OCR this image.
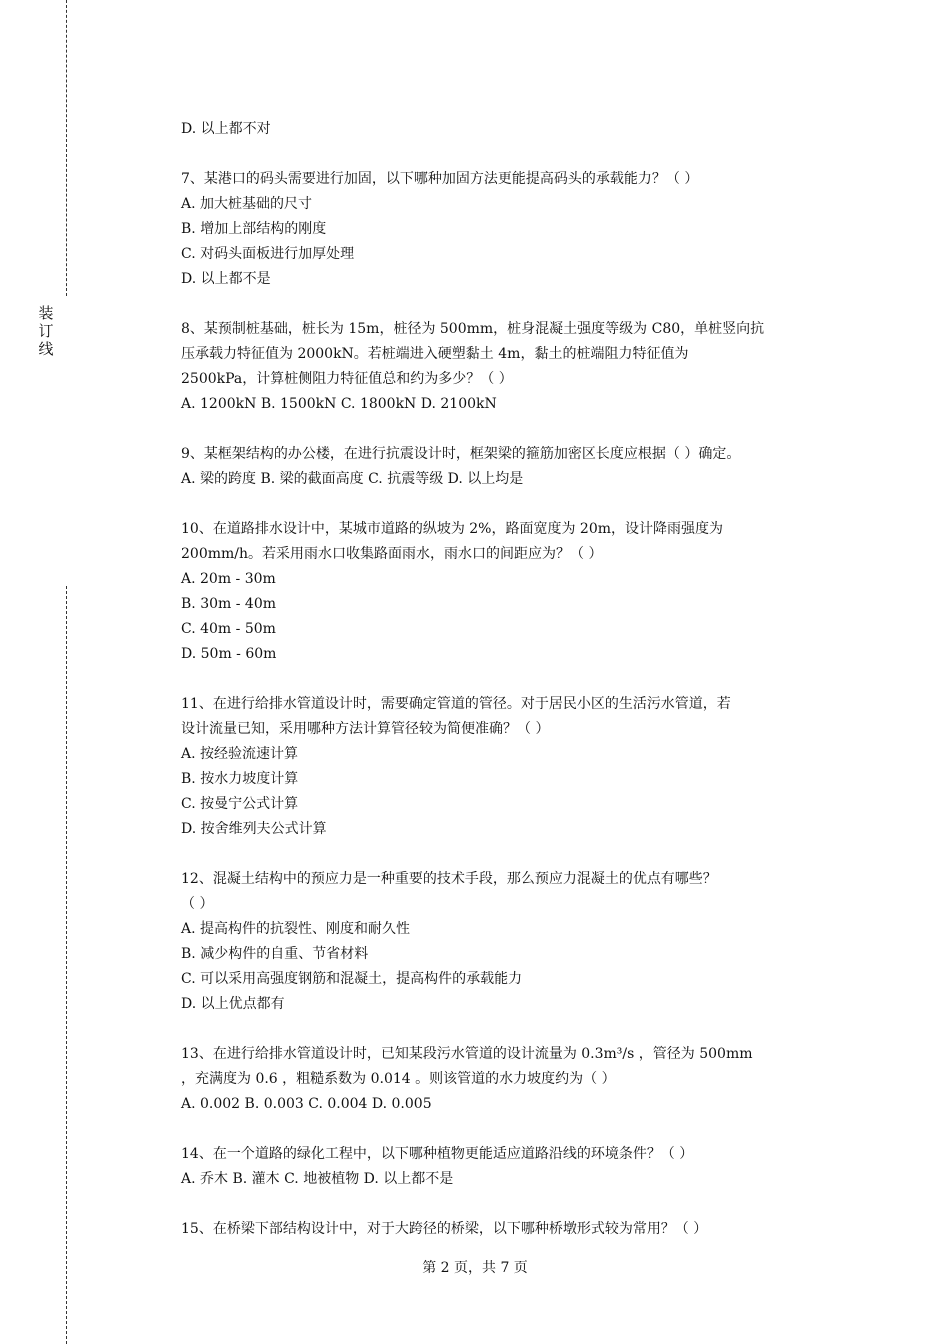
装订线
D. 以上都不对
7、某港口的码头需要进行加固，以下哪种加固方法更能提高码头的承载能力？（ ）
A. 加大桩基础的尺寸
B. 增加上部结构的刚度
C. 对码头面板进行加厚处理
D. 以上都不是
8、某预制桩基础，桩长为 15m，桩径为 500mm，桩身混凝土强度等级为 C80，单桩竖向抗
压承载力特征值为 2000kN。若桩端进入硬塑黏土 4m，黏土的桩端阻力特征值为
2500kPa，计算桩侧阻力特征值总和约为多少？（ ）
A. 1200kN B. 1500kN C. 1800kN D. 2100kN
9、某框架结构的办公楼，在进行抗震设计时，框架梁的箍筋加密区长度应根据（ ）确定。
A. 梁的跨度 B. 梁的截面高度 C. 抗震等级 D. 以上均是
10、在道路排水设计中，某城市道路的纵坡为 2%，路面宽度为 20m，设计降雨强度为
200mm/h。若采用雨水口收集路面雨水，雨水口的间距应为？（ ）
A. 20m - 30m
B. 30m - 40m
C. 40m - 50m
D. 50m - 60m
11、在进行给排水管道设计时，需要确定管道的管径。对于居民小区的生活污水管道，若
设计流量已知，采用哪种方法计算管径较为简便准确？（ ）
A. 按经验流速计算
B. 按水力坡度计算
C. 按曼宁公式计算
D. 按舍维列夫公式计算
12、混凝土结构中的预应力是一种重要的技术手段，那么预应力混凝土的优点有哪些？
（ ）
A. 提高构件的抗裂性、刚度和耐久性
B. 减少构件的自重、节省材料
C. 可以采用高强度钢筋和混凝土，提高构件的承载能力
D. 以上优点都有
13、在进行给排水管道设计时，已知某段污水管道的设计流量为 0.3m³/s ，管径为 500mm
，充满度为 0.6 ，粗糙系数为 0.014 。则该管道的水力坡度约为（ ）
A. 0.002 B. 0.003 C. 0.004 D. 0.005
14、在一个道路的绿化工程中，以下哪种植物更能适应道路沿线的环境条件？（ ）
A. 乔木 B. 灌木 C. 地被植物 D. 以上都不是
15、在桥梁下部结构设计中，对于大跨径的桥梁，以下哪种桥墩形式较为常用？（ ）
第 2 页，共 7 页
